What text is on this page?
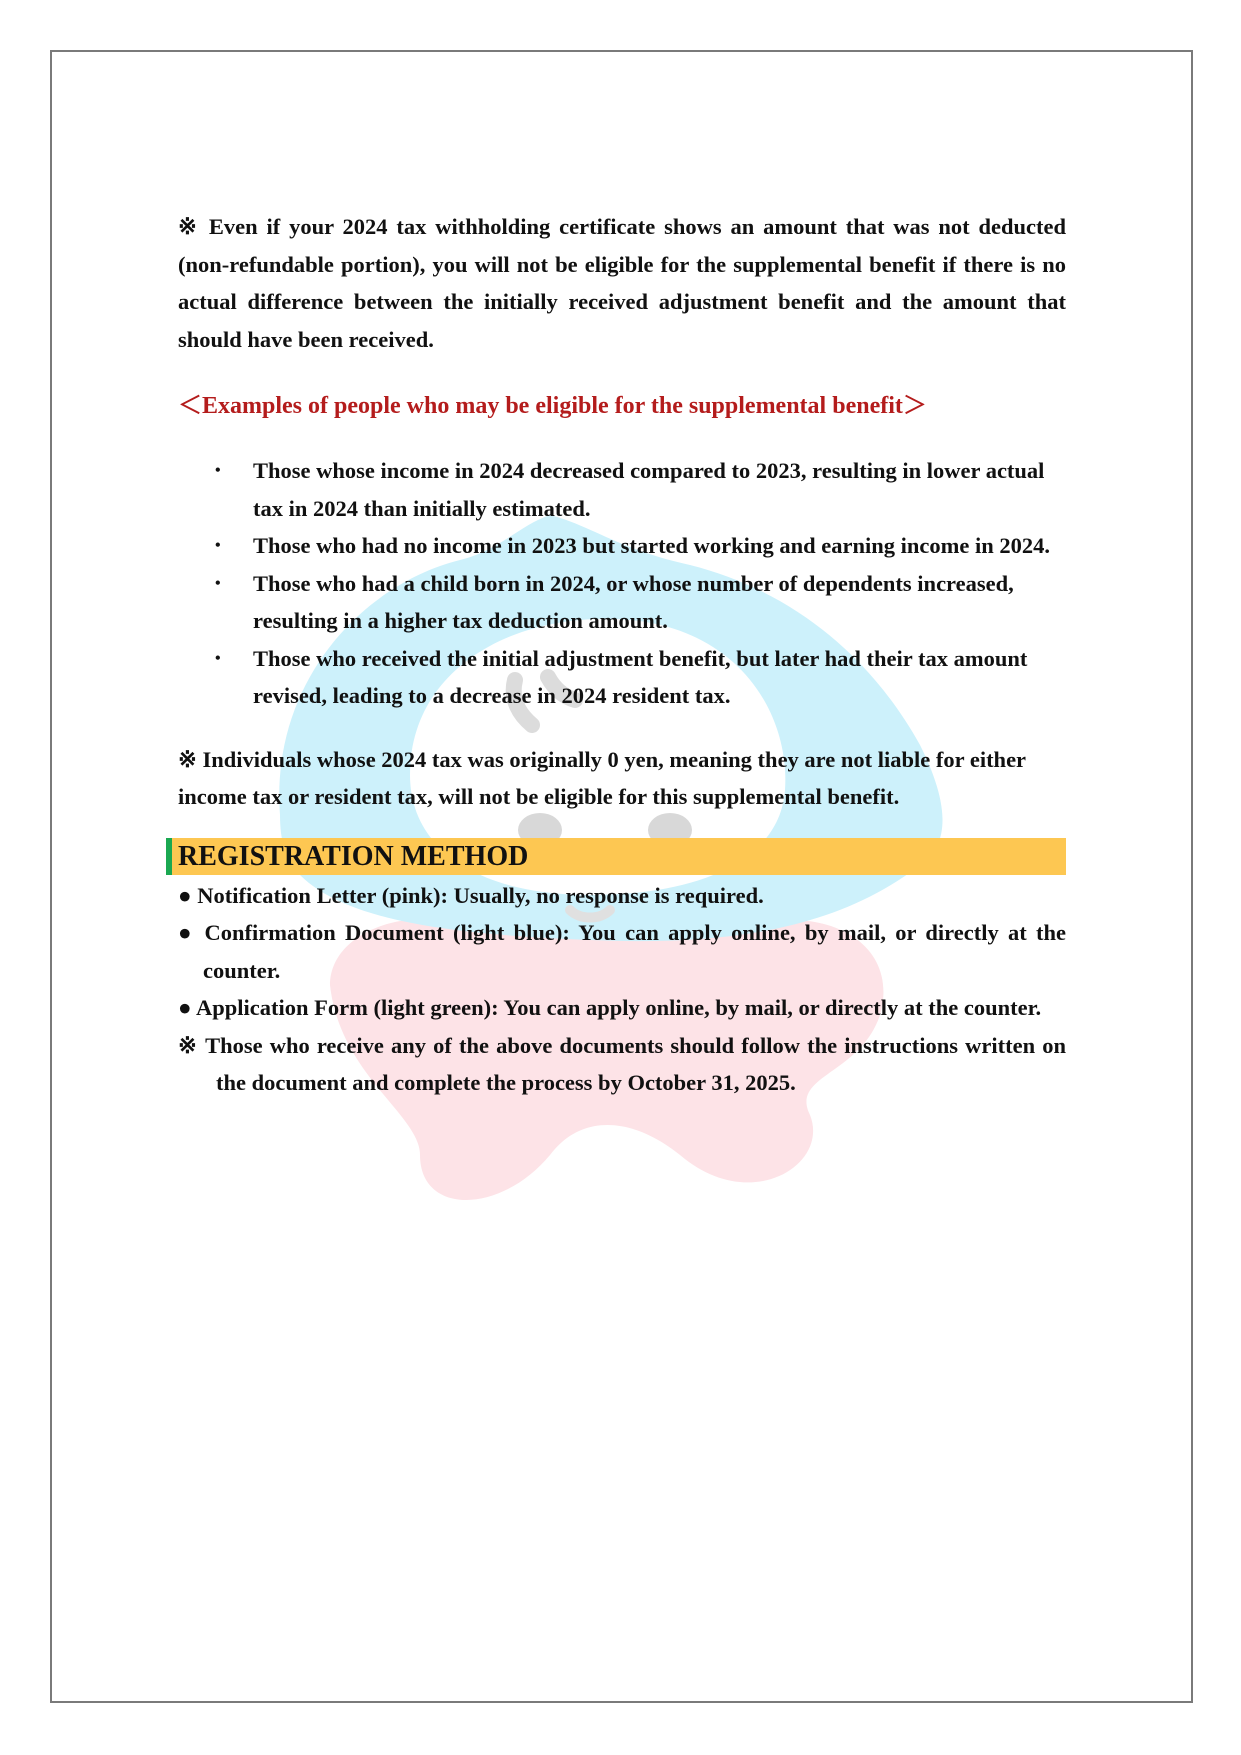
※ Even if your 2024 tax withholding certificate shows an amount that was not deducted (non-refundable portion), you will not be eligible for the supplemental benefit if there is no actual difference between the initially received adjustment benefit and the amount that should have been received.

＜Examples of people who may be eligible for the supplemental benefit＞
• Those whose income in 2024 decreased compared to 2023, resulting in lower actual tax in 2024 than initially estimated.
• Those who had no income in 2023 but started working and earning income in 2024.
• Those who had a child born in 2024, or whose number of dependents increased, resulting in a higher tax deduction amount.
• Those who received the initial adjustment benefit, but later had their tax amount revised, leading to a decrease in 2024 resident tax.

※ Individuals whose 2024 tax was originally 0 yen, meaning they are not liable for either income tax or resident tax, will not be eligible for this supplemental benefit.

REGISTRATION METHOD
● Notification Letter (pink): Usually, no response is required.
● Confirmation Document (light blue): You can apply online, by mail, or directly at the counter.
● Application Form (light green): You can apply online, by mail, or directly at the counter.
※ Those who receive any of the above documents should follow the instructions written on the document and complete the process by October 31, 2025.
